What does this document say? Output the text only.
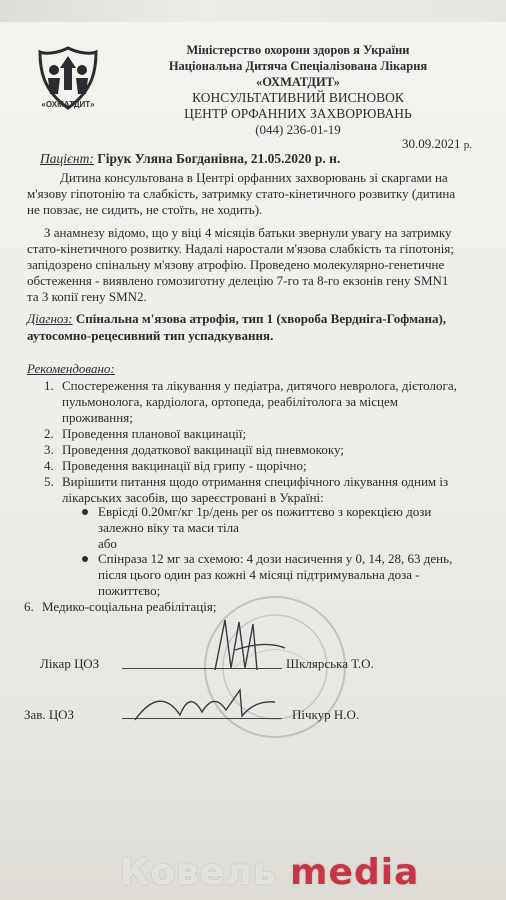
«ОХМАТДИТ»
Міністерство охорони здоров я України
Національна Дитяча Спеціалізована Лікарня
«ОХМАТДИТ»
КОНСУЛЬТАТИВНИЙ ВИСНОВОК
ЦЕНТР ОРФАННИХ ЗАХВОРЮВАНЬ
(044) 236-01-19
30.09.2021 р.
Пацієнт: Гірук Уляна Богданівна, 21.05.2020 р. н.
Дитина консультована в Центрі орфанних захворювань зі скаргами на
м'язову гіпотонію та слабкість, затримку стато-кінетичного розвитку (дитина
не повзає, не сидить, не стоїть, не ходить).
З анамнезу відомо, що у віці 4 місяців батьки звернули увагу на затримку
стато-кінетичного розвитку. Надалі наростали м'язова слабкість та гіпотонія;
запідозрено спінальну м'язову атрофію. Проведено молекулярно-генетичне
обстеження - виявлено гомозиготну делецію 7-го та 8-го екзонів гену SMN1
та 3 копії гену SMN2.
Діагноз: Спінальна м'язова атрофія, тип 1 (хвороба Верднігa-Гофмана),
аутосомно-рецесивний тип успадкування.
Рекомендовано:
1. Спостереження та лікування у педіатра, дитячого невролога, дієтолога,
пульмонолога, кардіолога, ортопеда, реабілітолога за місцем
проживання;
2. Проведення планової вакцинації;
3. Проведення додаткової вакцинації від пневмококу;
4. Проведення вакцинації від грипу - щорічно;
5. Вирішити питання щодо отримання специфічного лікування одним із
лікарських засобів, що зареєстровані в Україні:
Еврісді 0.20мг/кг 1р/день per os пожиттєво з корекцією дози
залежно віку та маси тіла
або
Спінраза 12 мг за схемою: 4 дози насичення у 0, 14, 28, 63 день,
після цього один раз кожні 4 місяці підтримувальна доза -
пожиттєво;
6. Медико-соціальна реабілітація;
Лікар ЦОЗ	Шклярська Т.О.
Зав. ЦОЗ	Пічкур Н.О.
Ковель media
